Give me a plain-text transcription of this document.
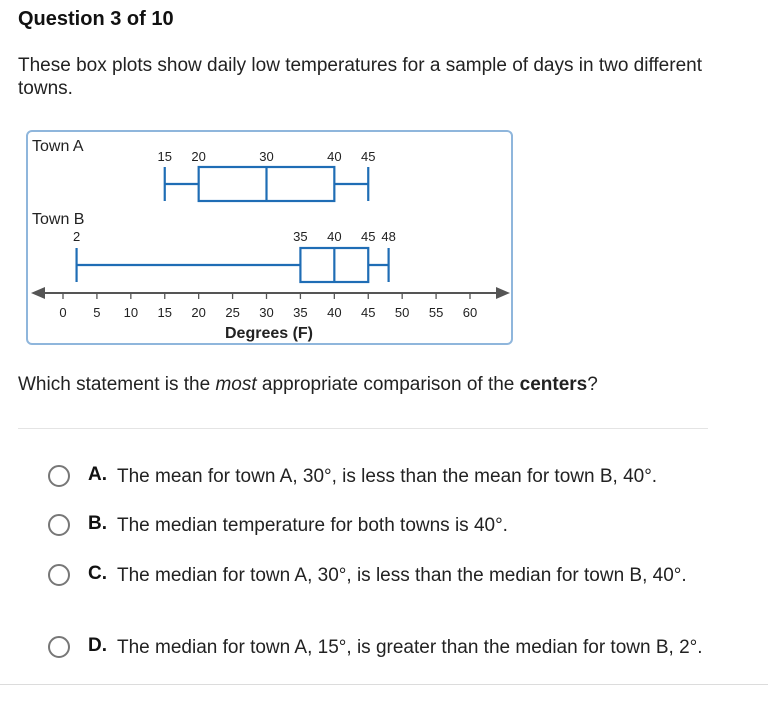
Question 3 of 10
These box plots show daily low temperatures for a sample of days in two different towns.
Town A
15 20	30	40 45
Town B
2	35 40 45 48
0 5 10 15 20 25 30 35 40 45 50 55 60
Degrees (F)
Which statement is the most appropriate comparison of the centers?
A. The mean for town A, 30°, is less than the mean for town B, 40°.
B. The median temperature for both towns is 40°.
C. The median for town A, 30°, is less than the median for town B, 40°.
D. The median for town A, 15°, is greater than the median for town B, 2°.
